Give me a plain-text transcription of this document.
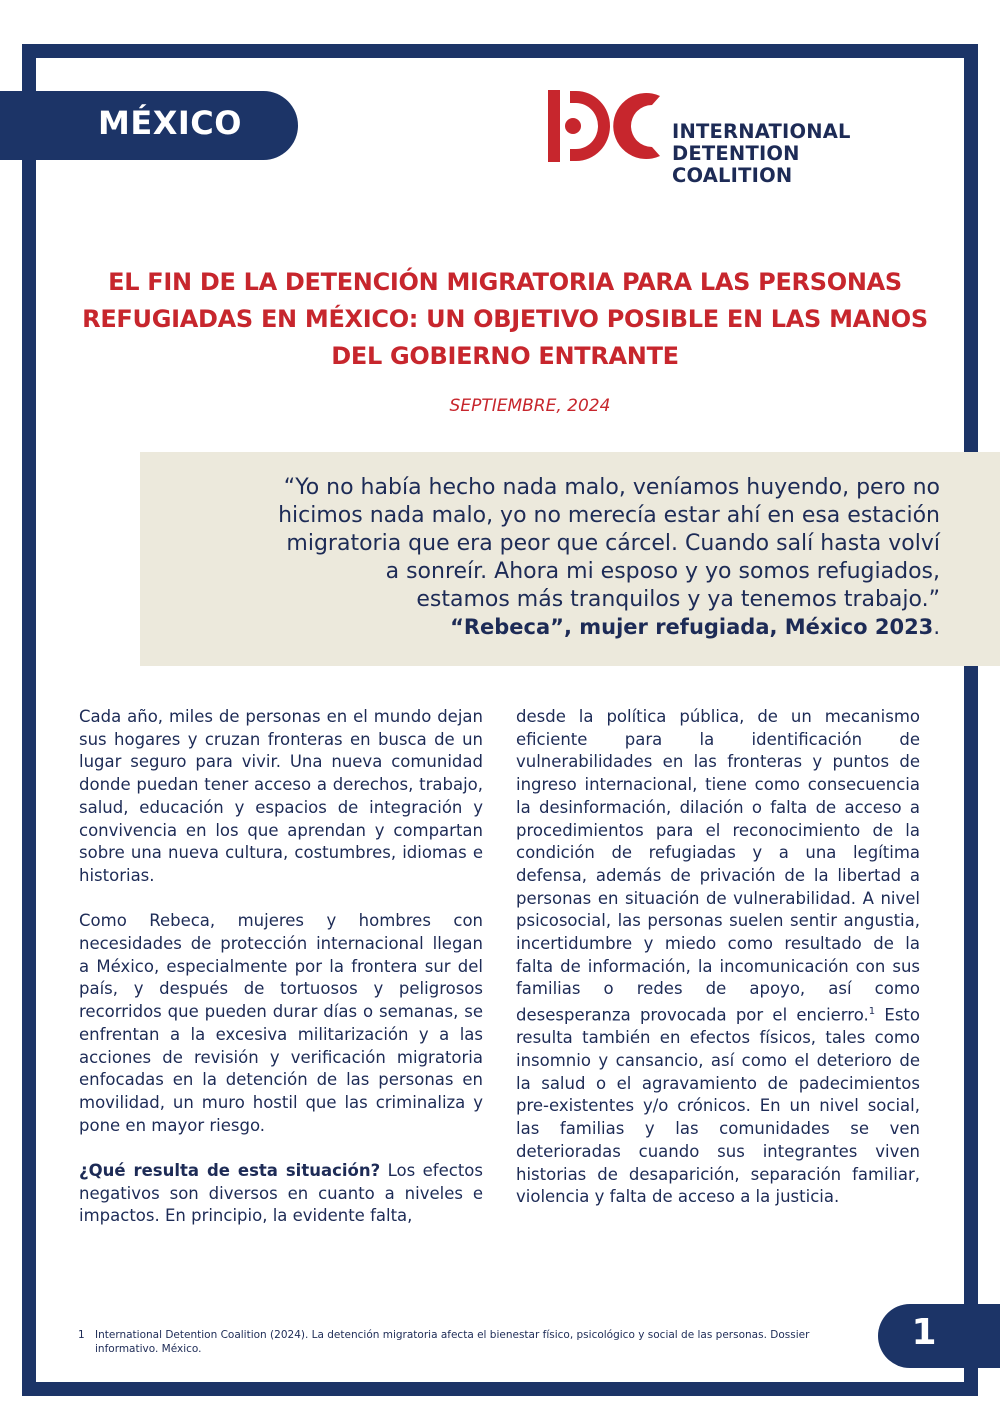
MÉXICO	INTERNATIONAL
DETENTION COALITION
EL FIN DE LA DETENCIÓN MIGRATORIA PARA LAS PERSONAS
REFUGIADAS EN MÉXICO: UN OBJETIVO POSIBLE EN LAS MANOS
DEL GOBIERNO ENTRANTE
SEPTIEMBRE, 2024
“Yo no había hecho nada malo, veníamos huyendo, pero no
hicimos nada malo, yo no merecía estar ahí en esa estación
migratoria que era peor que cárcel. Cuando salí hasta volví
a sonreír. Ahora mi esposo y yo somos refugiados,
estamos más tranquilos y ya tenemos trabajo.”
“Rebeca”, mujer refugiada, México 2023.

Cada año, miles de personas en el mundo dejan sus hogares y cruzan fronteras en busca de un lugar seguro para vivir. Una nueva comunidad donde puedan tener acceso a derechos, trabajo, salud, educación y espacios de integración y convivencia en los que aprendan y compartan sobre una nueva cultura, costumbres, idiomas e historias.

Como Rebeca, mujeres y hombres con necesidades de protección internacional llegan a México, especialmente por la frontera sur del país, y después de tortuosos y peligrosos recorridos que pueden durar días o semanas, se enfrentan a la excesiva militarización y a las acciones de revisión y verificación migratoria enfocadas en la detención de las personas en movilidad, un muro hostil que las criminaliza y pone en mayor riesgo.

¿Qué resulta de esta situación? Los efectos negativos son diversos en cuanto a niveles e impactos. En principio, la evidente falta,

desde la política pública, de un mecanismo eficiente para la identificación de vulnerabilidades en las fronteras y puntos de ingreso internacional, tiene como consecuencia la desinformación, dilación o falta de acceso a procedimientos para el reconocimiento de la condición de refugiadas y a una legítima defensa, además de privación de la libertad a personas en situación de vulnerabilidad. A nivel psicosocial, las personas suelen sentir angustia, incertidumbre y miedo como resultado de la falta de información, la incomunicación con sus familias o redes de apoyo, así como desesperanza provocada por el encierro.$^1$ Esto resulta también en efectos físicos, tales como insomnio y cansancio, así como el deterioro de la salud o el agravamiento de padecimientos pre-existentes y/o crónicos. En un nivel social, las familias y las comunidades se ven deterioradas cuando sus integrantes viven historias de desaparición, separación familiar, violencia y falta de acceso a la justicia.

1 International Detention Coalition (2024). La detención migratoria afecta el bienestar físico, psicológico y social de las personas. Dossier informativo. México.	1
